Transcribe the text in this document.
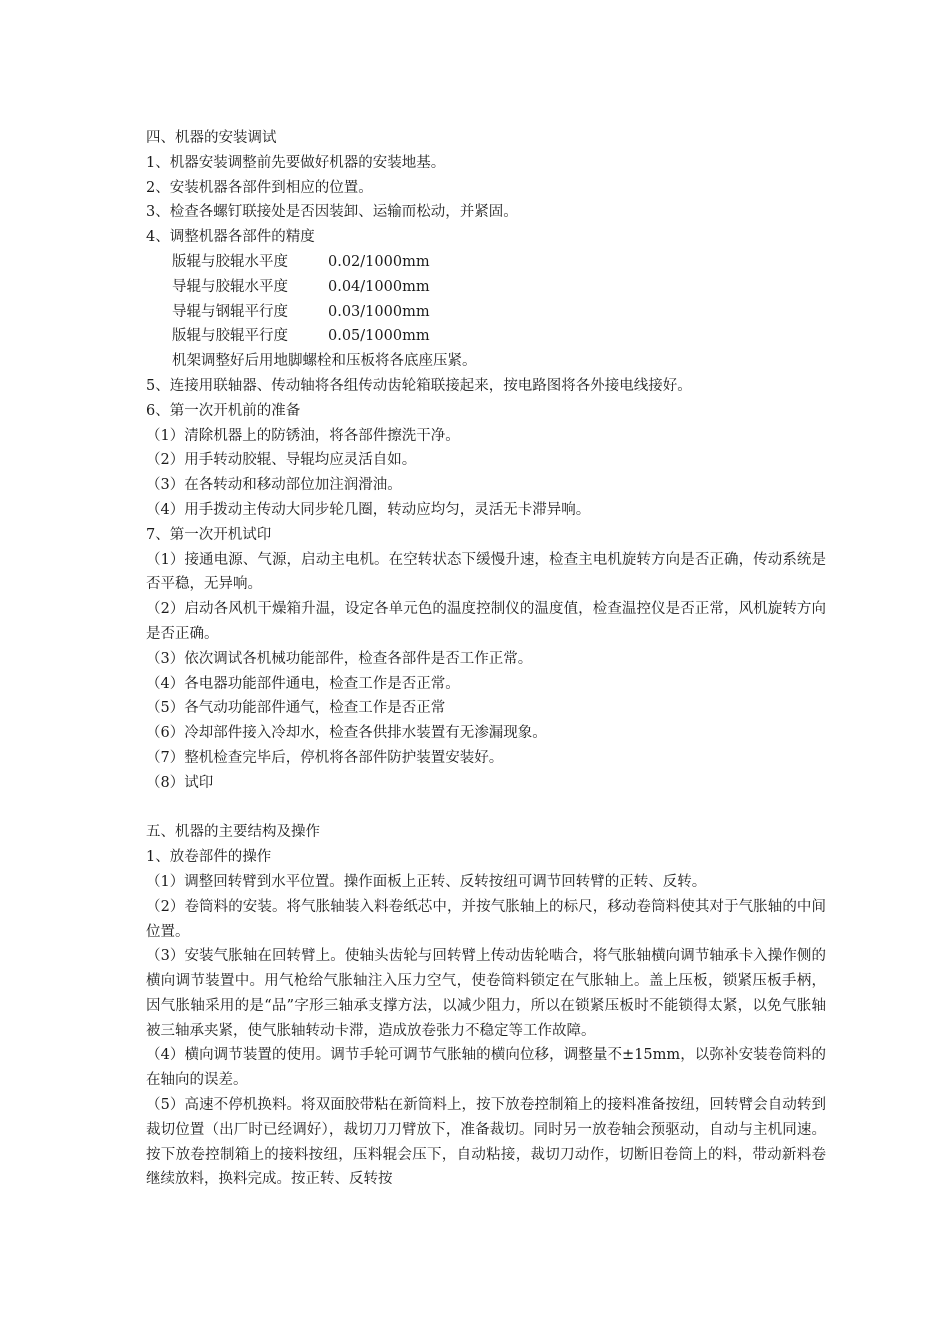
四、机器的安装调试
1、机器安装调整前先要做好机器的安装地基。
2、安装机器各部件到相应的位置。
3、检查各螺钉联接处是否因装卸、运输而松动，并紧固。
4、调整机器各部件的精度
版辊与胶辊水平度	0.02/1000mm
导辊与胶辊水平度	0.04/1000mm
导辊与钢辊平行度	0.03/1000mm
版辊与胶辊平行度	0.05/1000mm
机架调整好后用地脚螺栓和压板将各底座压紧。
5、连接用联轴器、传动轴将各组传动齿轮箱联接起来，按电路图将各外接电线接好。
6、第一次开机前的准备
（1）清除机器上的防锈油，将各部件擦洗干净。
（2）用手转动胶辊、导辊均应灵活自如。
（3）在各转动和移动部位加注润滑油。
（4）用手拨动主传动大同步轮几圈，转动应均匀，灵活无卡滞异响。
7、第一次开机试印
（1）接通电源、气源，启动主电机。在空转状态下缓慢升速，检查主电机旋转方向是否正确，传动系统是否平稳，无异响。
（2）启动各风机干燥箱升温，设定各单元色的温度控制仪的温度值，检查温控仪是否正常，风机旋转方向是否正确。
（3）依次调试各机械功能部件，检查各部件是否工作正常。
（4）各电器功能部件通电，检查工作是否正常。
（5）各气动功能部件通气，检查工作是否正常
（6）冷却部件接入冷却水，检查各供排水装置有无渗漏现象。
（7）整机检查完毕后，停机将各部件防护装置安装好。
（8）试印
五、机器的主要结构及操作
1、放卷部件的操作
（1）调整回转臂到水平位置。操作面板上正转、反转按纽可调节回转臂的正转、反转。
（2）卷筒料的安装。将气胀轴装入料卷纸芯中，并按气胀轴上的标尺，移动卷筒料使其对于气胀轴的中间位置。
（3）安装气胀轴在回转臂上。使轴头齿轮与回转臂上传动齿轮啮合，将气胀轴横向调节轴承卡入操作侧的横向调节装置中。用气枪给气胀轴注入压力空气，使卷筒料锁定在气胀轴上。盖上压板，锁紧压板手柄，因气胀轴采用的是“品”字形三轴承支撑方法，以减少阻力，所以在锁紧压板时不能锁得太紧，以免气胀轴被三轴承夹紧，使气胀轴转动卡滞，造成放卷张力不稳定等工作故障。
（4）横向调节装置的使用。调节手轮可调节气胀轴的横向位移，调整量不±15mm，以弥补安装卷筒料的在轴向的误差。
（5）高速不停机换料。将双面胶带粘在新筒料上，按下放卷控制箱上的接料准备按纽，回转臂会自动转到裁切位置（出厂时已经调好），裁切刀刀臂放下，准备裁切。同时另一放卷轴会预驱动，自动与主机同速。按下放卷控制箱上的接料按纽，压料辊会压下，自动粘接，裁切刀动作，切断旧卷筒上的料，带动新料卷继续放料，换料完成。按正转、反转按
